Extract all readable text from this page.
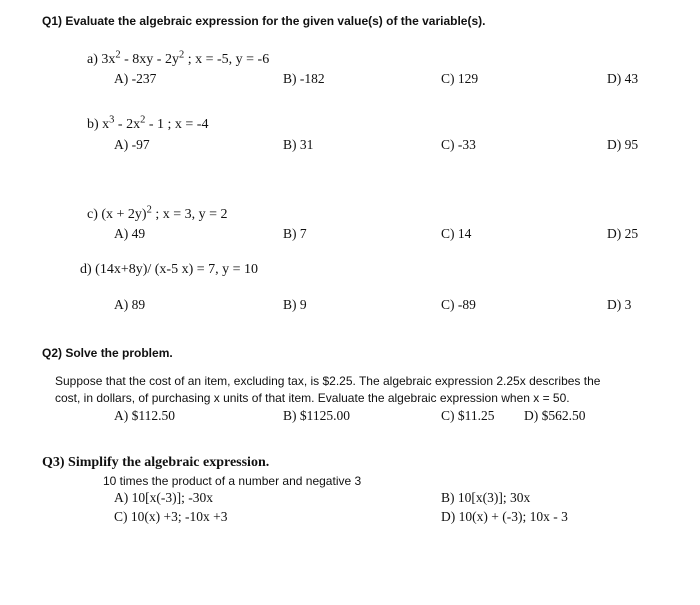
Q1) Evaluate the algebraic expression for the given value(s) of the variable(s).
a) $3x^2 - 8xy - 2y^2$ ; x = -5, y = -6
A) -237	B) -182	C) 129	D) 43
b) $x^3 - 2x^2 - 1$ ; x = -4
A) -97	B) 31	C) -33	D) 95
c) $(x + 2y)^2$ ; x = 3, y = 2
A) 49	B) 7	C) 14	D) 25
d) (14x+8y)/ (x-5 x) = 7, y = 10
A) 89	B) 9	C) -89	D) 3
Q2) Solve the problem.
Suppose that the cost of an item, excluding tax, is $2.25. The algebraic expression 2.25x describes the
cost, in dollars, of purchasing x units of that item. Evaluate the algebraic expression when x = 50.
A) $112.50	B) $1125.00	C) $11.25 D) $562.50
Q3) Simplify the algebraic expression.
10 times the product of a number and negative 3
A) 10[x(-3)]; -30x	B) 10[x(3)]; 30x
C) 10(x) +3; -10x +3	D) 10(x) + (-3); 10x - 3
